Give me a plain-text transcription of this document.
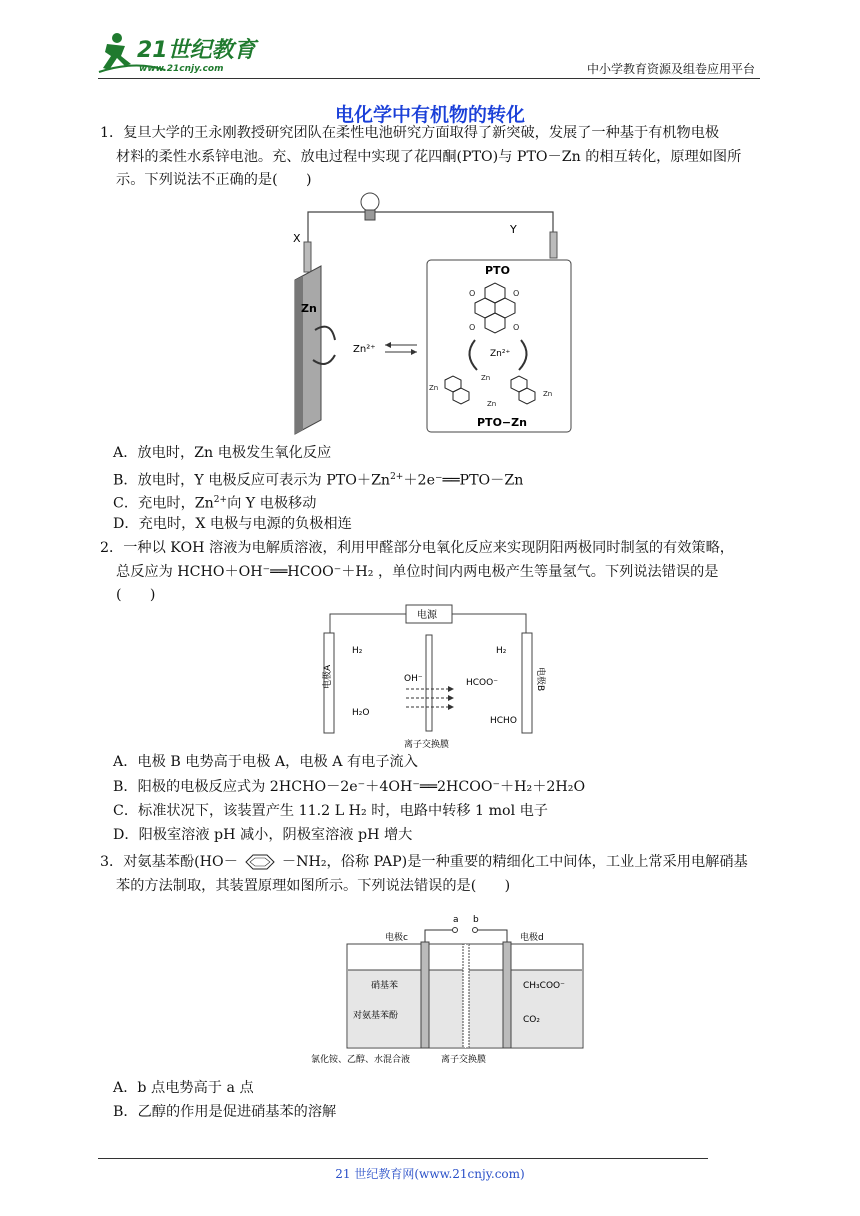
21世纪教育
www.21cnjy.com	中小学教育资源及组卷应用平台
电化学中有机物的转化
1．复旦大学的王永刚教授研究团队在柔性电池研究方面取得了新突破，发展了一种基于有机物电极
材料的柔性水系锌电池。充、放电过程中实现了花四酮(PTO)与 PTO－Zn 的相互转化，原理如图所
示。下列说法不正确的是(　　)
X
Y
Zn
Zn²⁺
PTO
O	O
O	O
Zn²⁺
Zn
Zn
Zn
Zn
PTO−Zn
A．放电时，Zn 电极发生氧化反应
B．放电时，Y 电极反应可表示为 $PTO+Zn^{2+}+2e^-══PTO-Zn$
C．充电时，$Zn^{2+}$向 Y 电极移动
D．充电时，X 电极与电源的负极相连
2．一种以 KOH 溶液为电解质溶液，利用甲醛部分电氧化反应来实现阴阳两极同时制氢的有效策略，
总反应为 HCHO＋OH⁻══HCOO⁻＋H₂ ，单位时间内两电极产生等量氢气。下列说法错误的是
(　　)
电源
电极A	电极B
H₂
H₂O
OH⁻
H₂
HCOO⁻
HCHO
离子交换膜
A．电极 B 电势高于电极 A，电极 A 有电子流入
B．阳极的电极反应式为 2HCHO－2e⁻＋4OH⁻══2HCOO⁻＋H₂＋2H₂O
C．标准状况下，该装置产生 11.2 L H₂ 时，电路中转移 1 mol 电子
D．阳极室溶液 pH 减小，阴极室溶液 pH 增大
3．对氨基苯酚(HO－	－NH₂，俗称 PAP)是一种重要的精细化工中间体，工业上常采用电解硝基
苯的方法制取，其装置原理如图所示。下列说法错误的是(　　)
a b
电极c	电极d
硝基苯
对氨基苯酚
CH₃COO⁻
CO₂
氯化铵、乙醇、水混合液	离子交换膜
A．b 点电势高于 a 点
B．乙醇的作用是促进硝基苯的溶解
21 世纪教育网(www.21cnjy.com)
